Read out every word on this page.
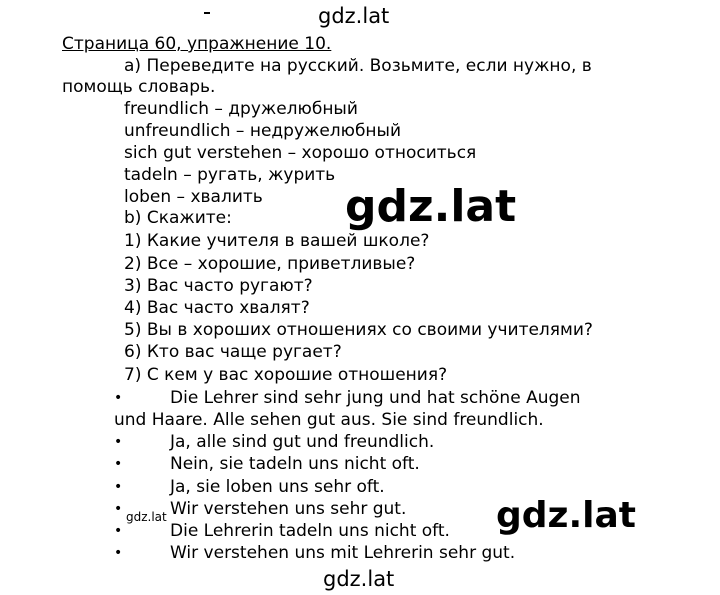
gdz.lat
gdz.lat
gdz.lat
gdz.lat
gdz.lat
Страница 60, упражнение 10.
a) Переведите на русский. Возьмите, если нужно, в
помощь словарь.
freundlich – дружелюбный
unfreundlich – недружелюбный
sich gut verstehen – хорошо относиться
tadeln – ругать, журить
loben – хвалить
b) Скажите:
1) Какие учителя в вашей школе?
2) Все – хорошие, приветливые?
3) Вас часто ругают?
4) Вас часто хвалят?
5) Вы в хороших отношениях со своими учителями?
6) Кто вас чаще ругает?
7) С кем у вас хорошие отношения?
•	Die Lehrer sind sehr jung und hat schöne Augen
und Haare. Alle sehen gut aus. Sie sind freundlich.
•	Ja, alle sind gut und freundlich.
•	Nein, sie tadeln uns nicht oft.
•	Ja, sie loben uns sehr oft.
•	Wir verstehen uns sehr gut.
•	Die Lehrerin tadeln uns nicht oft.
•	Wir verstehen uns mit Lehrerin sehr gut.
